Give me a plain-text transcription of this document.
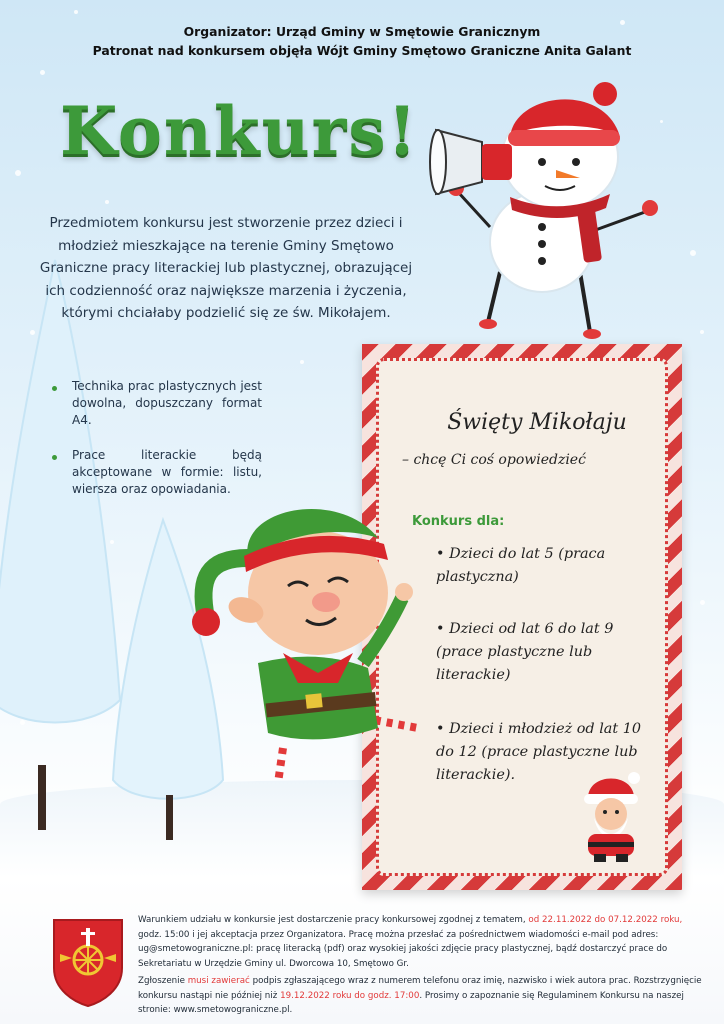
Organizator: Urząd Gminy w Smętowie Granicznym
Patronat nad konkursem objęła Wójt Gminy Smętowo Graniczne Anita Galant
Konkurs!

Przedmiotem konkursu jest stworzenie przez dzieci i młodzież mieszkające na terenie Gminy Smętowo Graniczne pracy literackiej lub plastycznej, obrazującej ich codzienność oraz największe marzenia i życzenia, którymi chciałaby podzielić się ze św. Mikołajem.

Technika prac plastycznych jest dowolna, dopuszczany format A4.
Prace literackie będą akceptowane w formie: listu, wiersza oraz opowiadania.
Święty Mikołaju
– chcę Ci coś opowiedzieć
Konkurs dla:
• Dzieci do lat 5 (praca plastyczna)
• Dzieci od lat 6 do lat 9 (prace plastyczne lub literackie)
• Dzieci i młodzież od lat 10 do 12 (prace plastyczne lub literackie).

Warunkiem udziału w konkursie jest dostarczenie pracy konkursowej zgodnej z tematem, od 22.11.2022 do 07.12.2022 roku, godz. 15:00 i jej akceptacja przez Organizatora. Pracę można przesłać za pośrednictwem wiadomości e-mail pod adres: ug@smetowograniczne.pl: pracę literacką (pdf) oraz wysokiej jakości zdjęcie pracy plastycznej, bądź dostarczyć prace do Sekretariatu w Urzędzie Gminy ul. Dworcowa 10, Smętowo Gr.

Zgłoszenie musi zawierać podpis zgłaszającego wraz z numerem telefonu oraz imię, nazwisko i wiek autora prac. Rozstrzygnięcie konkursu nastąpi nie później niż 19.12.2022 roku do godz. 17:00. Prosimy o zapoznanie się Regulaminem Konkursu na naszej stronie: www.smetowograniczne.pl.
